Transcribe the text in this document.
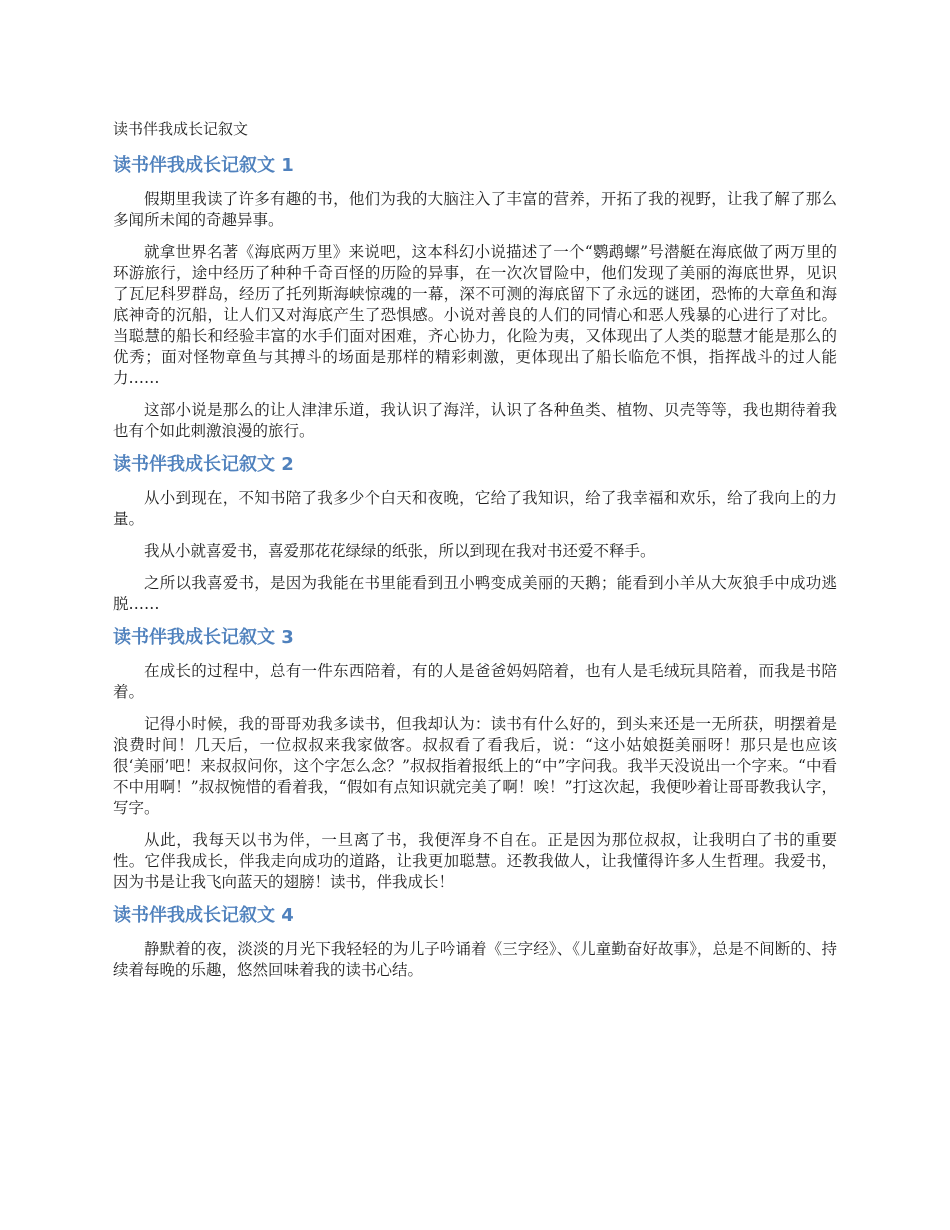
读书伴我成长记叙文
读书伴我成长记叙文 1

假期里我读了许多有趣的书，他们为我的大脑注入了丰富的营养，开拓了我的视野，让我了解了那么多闻所未闻的奇趣异事。

就拿世界名著《海底两万里》来说吧，这本科幻小说描述了一个“鹦鹉螺”号潜艇在海底做了两万里的环游旅行，途中经历了种种千奇百怪的历险的异事，在一次次冒险中，他们发现了美丽的海底世界，见识了瓦尼科罗群岛，经历了托列斯海峡惊魂的一幕，深不可测的海底留下了永远的谜团，恐怖的大章鱼和海底神奇的沉船，让人们又对海底产生了恐惧感。小说对善良的人们的同情心和恶人残暴的心进行了对比。当聪慧的船长和经验丰富的水手们面对困难，齐心协力，化险为夷，又体现出了人类的聪慧才能是那么的优秀；面对怪物章鱼与其搏斗的场面是那样的精彩刺激，更体现出了船长临危不惧，指挥战斗的过人能力……

这部小说是那么的让人津津乐道，我认识了海洋，认识了各种鱼类、植物、贝壳等等，我也期待着我也有个如此刺激浪漫的旅行。

读书伴我成长记叙文 2

从小到现在，不知书陪了我多少个白天和夜晚，它给了我知识，给了我幸福和欢乐，给了我向上的力量。

我从小就喜爱书，喜爱那花花绿绿的纸张，所以到现在我对书还爱不释手。

之所以我喜爱书，是因为我能在书里能看到丑小鸭变成美丽的天鹅；能看到小羊从大灰狼手中成功逃脱……

读书伴我成长记叙文 3

在成长的过程中，总有一件东西陪着，有的人是爸爸妈妈陪着，也有人是毛绒玩具陪着，而我是书陪着。

记得小时候，我的哥哥劝我多读书，但我却认为：读书有什么好的，到头来还是一无所获，明摆着是浪费时间！几天后，一位叔叔来我家做客。叔叔看了看我后，说：“这小姑娘挺美丽呀！那只是也应该很‘美丽’吧！来叔叔问你，这个字怎么念？”叔叔指着报纸上的“中”字问我。我半天没说出一个字来。“中看不中用啊！”叔叔惋惜的看着我，“假如有点知识就完美了啊！唉！”打这次起，我便吵着让哥哥教我认字，写字。

从此，我每天以书为伴，一旦离了书，我便浑身不自在。正是因为那位叔叔，让我明白了书的重要性。它伴我成长，伴我走向成功的道路，让我更加聪慧。还教我做人，让我懂得许多人生哲理。我爱书，因为书是让我飞向蓝天的翅膀！读书，伴我成长！

读书伴我成长记叙文 4

静默着的夜，淡淡的月光下我轻轻的为儿子吟诵着《三字经》、《儿童勤奋好故事》，总是不间断的、持续着每晚的乐趣，悠然回味着我的读书心结。
